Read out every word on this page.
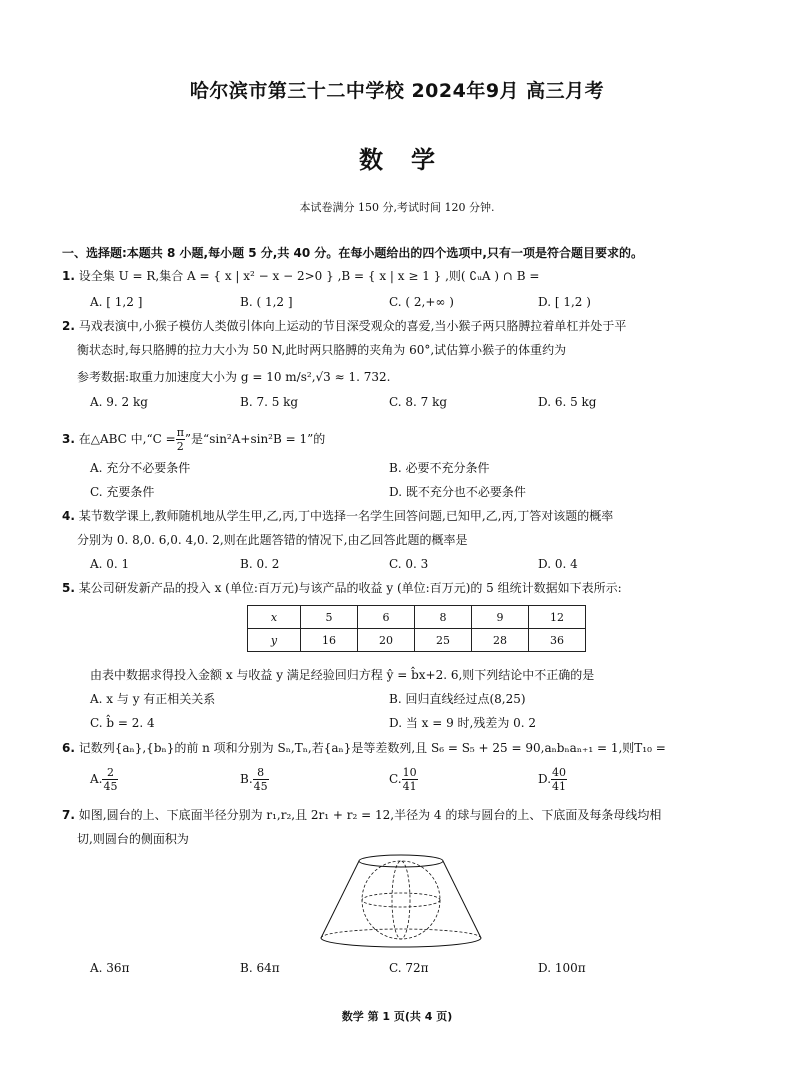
哈尔滨市第三十二中学校 2024年9月 高三月考
数学
本试卷满分 150 分,考试时间 120 分钟.
一、选择题:本题共 8 小题,每小题 5 分,共 40 分。在每小题给出的四个选项中,只有一项是符合题目要求的。
1. 设全集 U = R,集合 A = { x | x² − x − 2>0 } ,B = { x | x ≥ 1 } ,则( ∁ᵤA ) ∩ B =
A. [ 1,2 ]	B. ( 1,2 ]	C. ( 2,+∞ )	D. [ 1,2 )
2. 马戏表演中,小猴子模仿人类做引体向上运动的节目深受观众的喜爱,当小猴子两只胳膊拉着单杠并处于平
衡状态时,每只胳膊的拉力大小为 50 N,此时两只胳膊的夹角为 60°,试估算小猴子的体重约为
参考数据:取重力加速度大小为 g = 10 m/s²,√3 ≈ 1. 732.
A. 9. 2 kg	B. 7. 5 kg	C. 8. 7 kg	D. 6. 5 kg
3. 在△ABC 中,“C = $\frac{\pi}{2}$ ”是“sin²A+sin²B = 1”的
A. 充分不必要条件	B. 必要不充分条件
C. 充要条件	D. 既不充分也不必要条件
4. 某节数学课上,教师随机地从学生甲,乙,丙,丁中选择一名学生回答问题,已知甲,乙,丙,丁答对该题的概率
分别为 0. 8,0. 6,0. 4,0. 2,则在此题答错的情况下,由乙回答此题的概率是
A. 0. 1	B. 0. 2	C. 0. 3	D. 0. 4
5. 某公司研发新产品的投入 x (单位:百万元)与该产品的收益 y (单位:百万元)的 5 组统计数据如下表所示:
x	5	6	8	9	12
y	16	20	25	28	36
由表中数据求得投入金额 x 与收益 y 满足经验回归方程 ŷ = b̂x+2. 6,则下列结论中不正确的是
A. x 与 y 有正相关关系	B. 回归直线经过点(8,25)
C. b̂ = 2. 4	D. 当 x = 9 时,残差为 0. 2
6. 记数列{aₙ},{bₙ}的前 n 项和分别为 Sₙ,Tₙ,若{aₙ}是等差数列,且 S₆ = S₅ + 25 = 90,aₙbₙaₙ₊₁ = 1,则T₁₀ =
A. $\frac{2}{45}$	B. $\frac{8}{45}$	C. $\frac{10}{41}$	D. $\frac{40}{41}$
7. 如图,圆台的上、下底面半径分别为 r₁,r₂,且 2r₁ + r₂ = 12,半径为 4 的球与圆台的上、下底面及每条母线均相
切,则圆台的侧面积为
A. 36π	B. 64π	C. 72π	D. 100π
数学 第 1 页(共 4 页)
